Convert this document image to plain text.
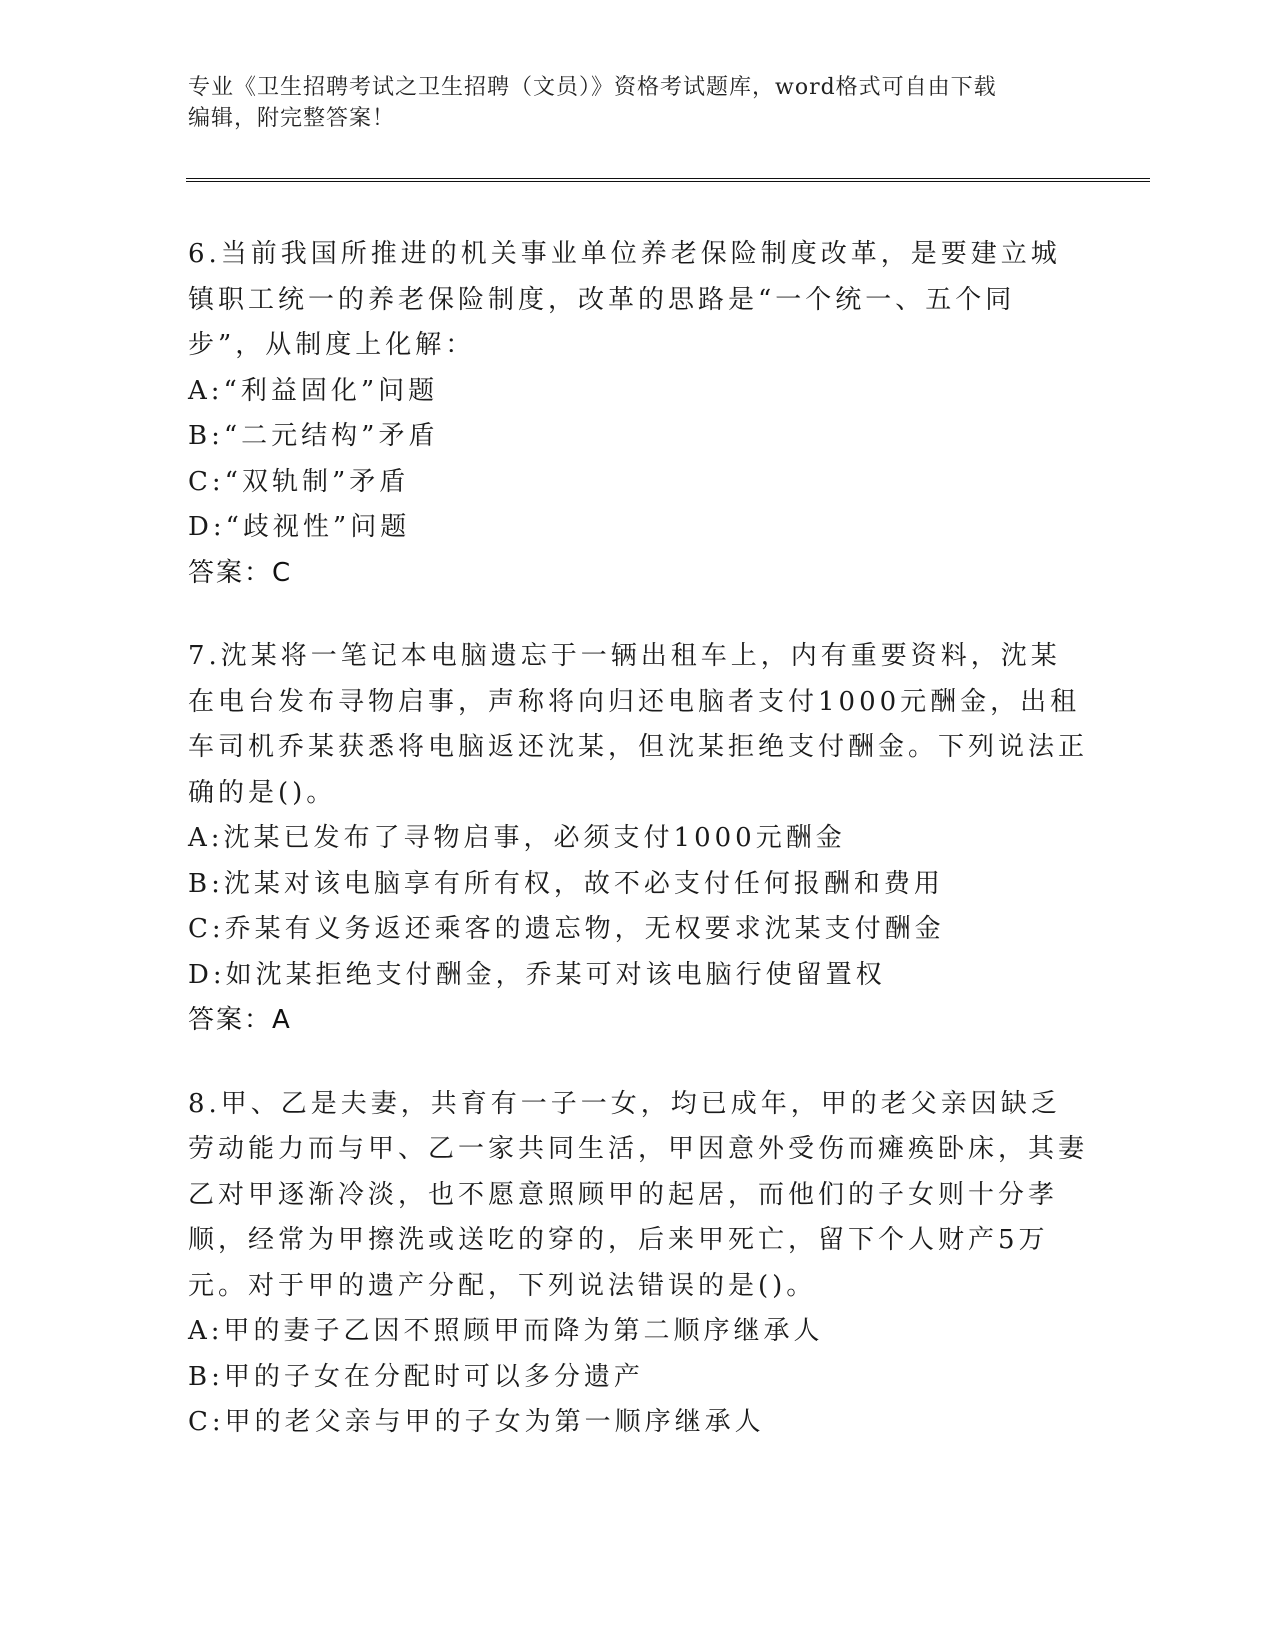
专业《卫生招聘考试之卫生招聘（文员）》资格考试题库，word格式可自由下载
编辑，附完整答案！

6.当前我国所推进的机关事业单位养老保险制度改革，是要建立城镇职工统一的养老保险制度，改革的思路是“一个统一、五个同步”，从制度上化解：

A:“利益固化”问题

B:“二元结构”矛盾

C:“双轨制”矛盾

D:“歧视性”问题

答案：C

7.沈某将一笔记本电脑遗忘于一辆出租车上，内有重要资料，沈某在电台发布寻物启事，声称将向归还电脑者支付1000元酬金，出租车司机乔某获悉将电脑返还沈某，但沈某拒绝支付酬金。下列说法正确的是()。

A:沈某已发布了寻物启事，必须支付1000元酬金

B:沈某对该电脑享有所有权，故不必支付任何报酬和费用

C:乔某有义务返还乘客的遗忘物，无权要求沈某支付酬金

D:如沈某拒绝支付酬金，乔某可对该电脑行使留置权

答案：A

8.甲、乙是夫妻，共育有一子一女，均已成年，甲的老父亲因缺乏劳动能力而与甲、乙一家共同生活，甲因意外受伤而瘫痪卧床，其妻乙对甲逐渐冷淡，也不愿意照顾甲的起居，而他们的子女则十分孝顺，经常为甲擦洗或送吃的穿的，后来甲死亡，留下个人财产5万元。对于甲的遗产分配，下列说法错误的是()。

A:甲的妻子乙因不照顾甲而降为第二顺序继承人

B:甲的子女在分配时可以多分遗产

C:甲的老父亲与甲的子女为第一顺序继承人
